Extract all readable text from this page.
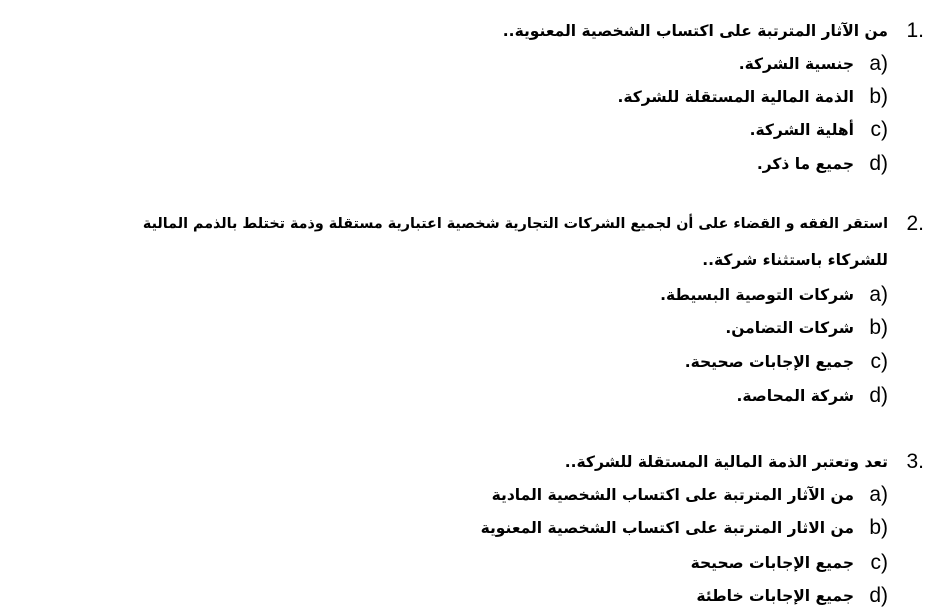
1.
من الآثار المترتبة على اكتساب الشخصية المعنوية..
a)
جنسية الشركة.
b)
الذمة المالية المستقلة للشركة.
c)
أهلية الشركة.
d)
جميع ما ذكر.
2.
استقر الفقه و القضاء على أن لجميع الشركات التجارية شخصية اعتبارية مستقلة وذمة تختلط بالذمم المالية
للشركاء باستثناء شركة..
a)
شركات التوصية البسيطة.
b)
شركات التضامن.
c)
جميع الإجابات صحيحة.
d)
شركة المحاصة.
3.
تعد وتعتبر الذمة المالية المستقلة للشركة..
a)
من الآثار المترتبة على اكتساب الشخصية المادية
b)
من الاثار المترتبة على اكتساب الشخصية المعنوية
c)
جميع الإجابات صحيحة
d)
جميع الإجابات خاطئة
